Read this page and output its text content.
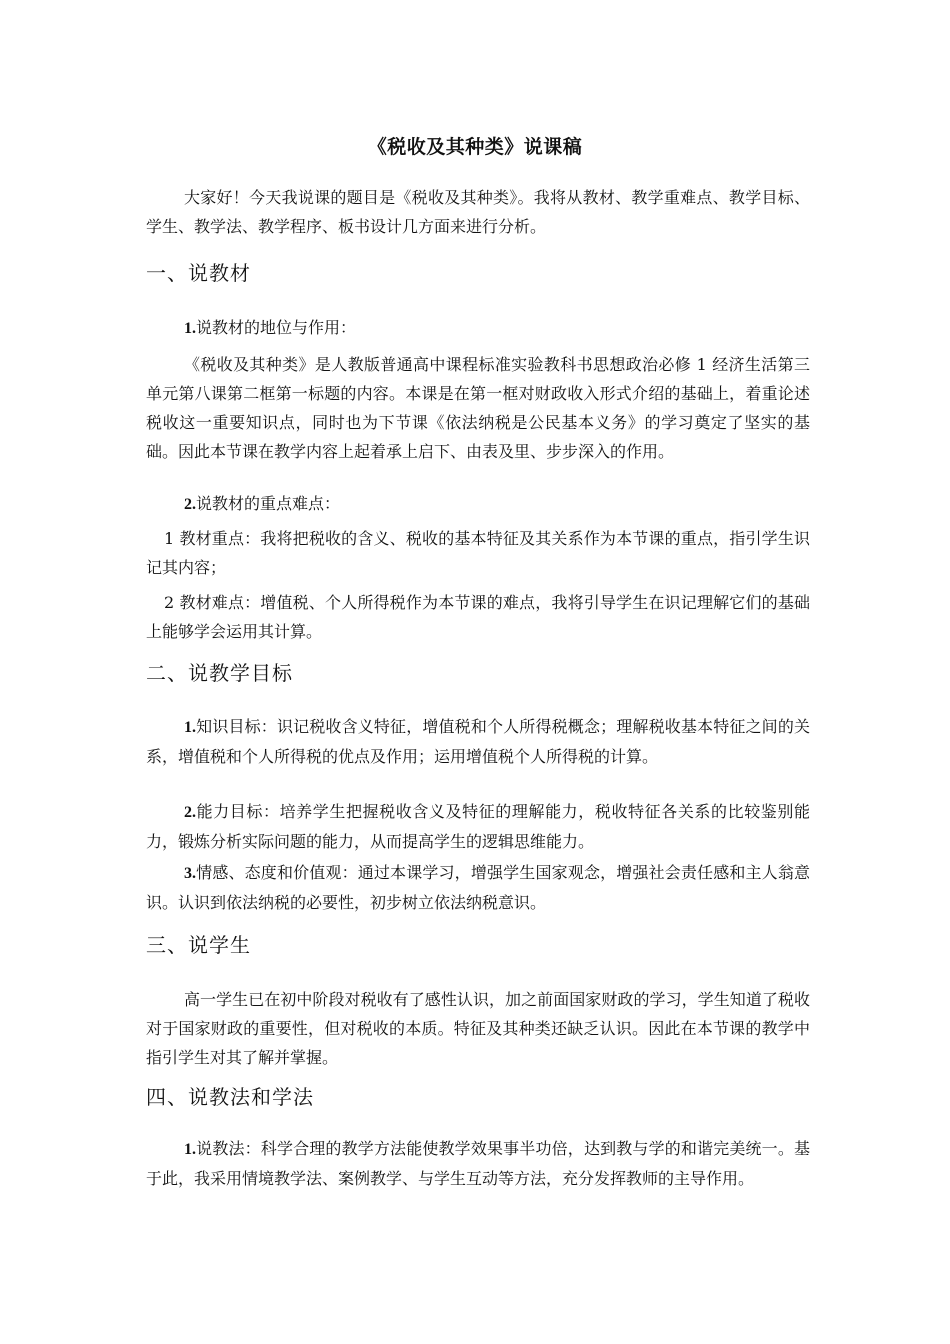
《税收及其种类》说课稿

大家好！今天我说课的题目是《税收及其种类》。我将从教材、教学重难点、教学目标、学生、教学法、教学程序、板书设计几方面来进行分析。

一、说教材

1.说教材的地位与作用：

《税收及其种类》是人教版普通高中课程标准实验教科书思想政治必修 1 经济生活第三单元第八课第二框第一标题的内容。本课是在第一框对财政收入形式介绍的基础上，着重论述税收这一重要知识点，同时也为下节课《依法纳税是公民基本义务》的学习奠定了坚实的基础。因此本节课在教学内容上起着承上启下、由表及里、步步深入的作用。

2.说教材的重点难点：

1 教材重点：我将把税收的含义、税收的基本特征及其关系作为本节课的重点，指引学生识记其内容；

2 教材难点：增值税、个人所得税作为本节课的难点，我将引导学生在识记理解它们的基础上能够学会运用其计算。

二、说教学目标

1.知识目标：识记税收含义特征，增值税和个人所得税概念；理解税收基本特征之间的关系，增值税和个人所得税的优点及作用；运用增值税个人所得税的计算。

2.能力目标：培养学生把握税收含义及特征的理解能力，税收特征各关系的比较鉴别能力，锻炼分析实际问题的能力，从而提高学生的逻辑思维能力。

3.情感、态度和价值观：通过本课学习，增强学生国家观念，增强社会责任感和主人翁意识。认识到依法纳税的必要性，初步树立依法纳税意识。

三、说学生

高一学生已在初中阶段对税收有了感性认识，加之前面国家财政的学习，学生知道了税收对于国家财政的重要性，但对税收的本质。特征及其种类还缺乏认识。因此在本节课的教学中指引学生对其了解并掌握。

四、说教法和学法

1.说教法：科学合理的教学方法能使教学效果事半功倍，达到教与学的和谐完美统一。基于此，我采用情境教学法、案例教学、与学生互动等方法，充分发挥教师的主导作用。
